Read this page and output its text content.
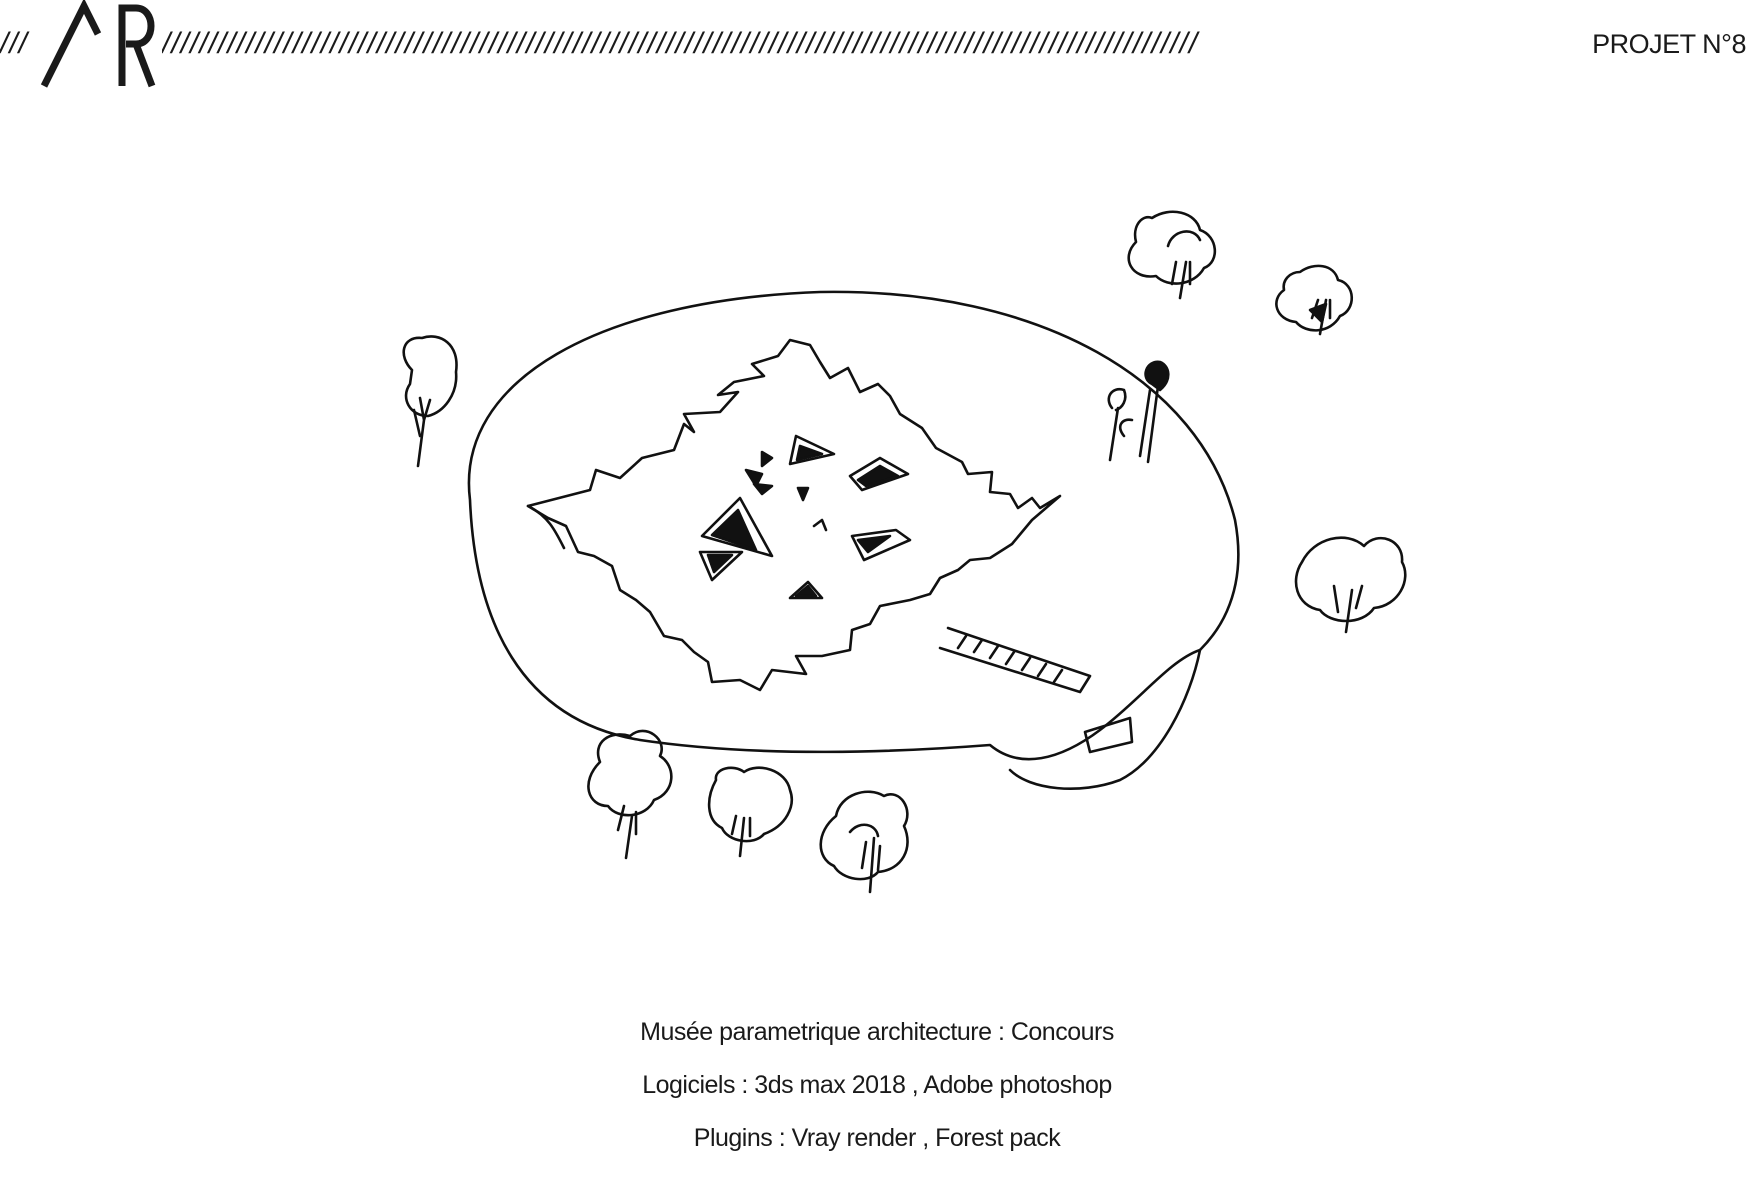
///	///////////////////////////////////////////////////////////////////////////////////////////////////////////////	PROJET N°8
Musée parametrique architecture : Concours
Logiciels : 3ds max 2018 , Adobe photoshop
Plugins : Vray render , Forest pack
